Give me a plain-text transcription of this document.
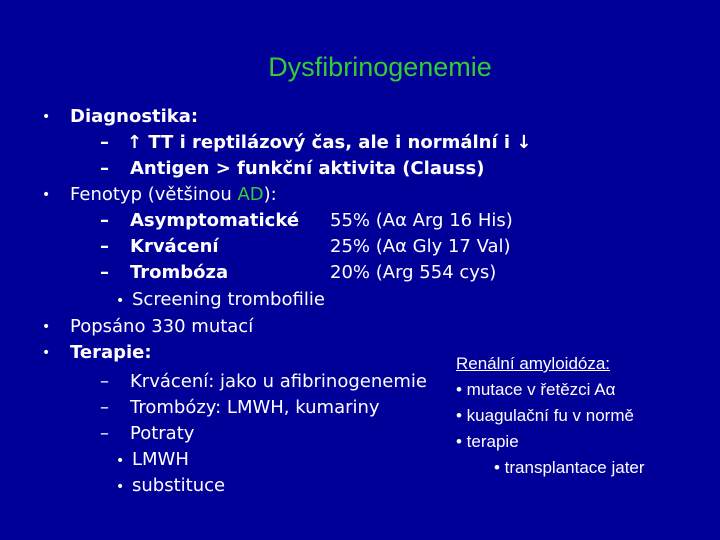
Dysfibrinogenemie
• Diagnostika:
– ↑ TT i reptilázový čas, ale i normální i ↓
– Antigen > funkční aktivita (Clauss)
• Fenotyp (většinou AD):
– Asymptomatické 55% (Aα Arg 16 His)
– Krvácení	25% (Aα Gly 17 Val)
– Trombóza	20% (Arg 554 cys)
• Screening trombofilie
• Popsáno 330 mutací
• Terapie:
– Krvácení: jako u afibrinogenemie
– Trombózy: LMWH, kumariny
– Potraty
• LMWH
• substituce
Renální amyloidóza:
• mutace v řetězci Aα
• kuagulační fu v normě
• terapie
• transplantace jater
